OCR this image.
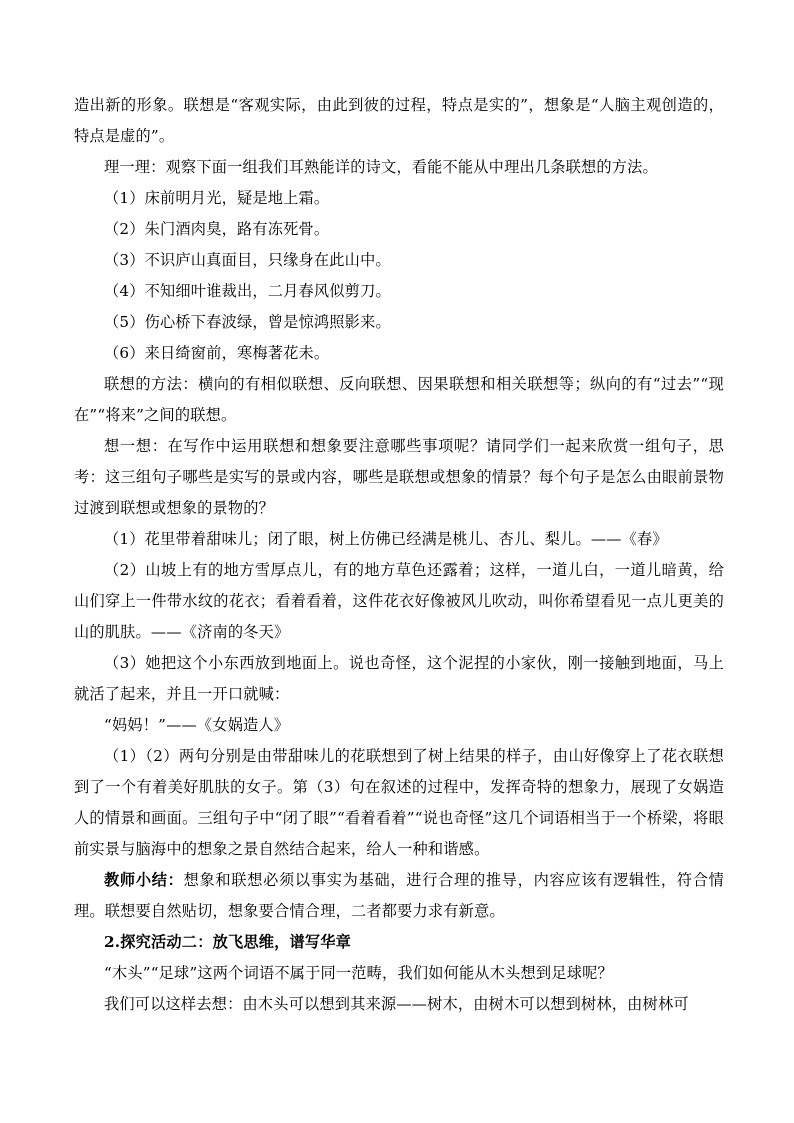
造出新的形象。联想是“客观实际，由此到彼的过程，特点是实的”，想象是“人脑主观创造的，特点是虚的”。

理一理：观察下面一组我们耳熟能详的诗文，看能不能从中理出几条联想的方法。

（1）床前明月光，疑是地上霜。

（2）朱门酒肉臭，路有冻死骨。

（3）不识庐山真面目，只缘身在此山中。

（4）不知细叶谁裁出，二月春风似剪刀。

（5）伤心桥下春波绿，曾是惊鸿照影来。

（6）来日绮窗前，寒梅著花未。

联想的方法：横向的有相似联想、反向联想、因果联想和相关联想等；纵向的有“过去”“现在”“将来”之间的联想。

想一想：在写作中运用联想和想象要注意哪些事项呢？请同学们一起来欣赏一组句子，思考：这三组句子哪些是实写的景或内容，哪些是联想或想象的情景？每个句子是怎么由眼前景物过渡到联想或想象的景物的？

（1）花里带着甜味儿；闭了眼，树上仿佛已经满是桃儿、杏儿、梨儿。——《春》

（2）山坡上有的地方雪厚点儿，有的地方草色还露着；这样，一道儿白，一道儿暗黄，给山们穿上一件带水纹的花衣；看着看着，这件花衣好像被风儿吹动，叫你希望看见一点儿更美的山的肌肤。——《济南的冬天》

（3）她把这个小东西放到地面上。说也奇怪，这个泥捏的小家伙，刚一接触到地面，马上就活了起来，并且一开口就喊：

“妈妈！”——《女娲造人》

（1）（2）两句分别是由带甜味儿的花联想到了树上结果的样子，由山好像穿上了花衣联想到了一个有着美好肌肤的女子。第（3）句在叙述的过程中，发挥奇特的想象力，展现了女娲造人的情景和画面。三组句子中“闭了眼”“看着看着”“说也奇怪”这几个词语相当于一个桥梁，将眼前实景与脑海中的想象之景自然结合起来，给人一种和谐感。

教师小结：想象和联想必须以事实为基础，进行合理的推导，内容应该有逻辑性，符合情理。联想要自然贴切，想象要合情合理，二者都要力求有新意。

2.探究活动二：放飞思维，谱写华章

“木头”“足球”这两个词语不属于同一范畴，我们如何能从木头想到足球呢？

我们可以这样去想：由木头可以想到其来源——树木，由树木可以想到树林，由树林可
